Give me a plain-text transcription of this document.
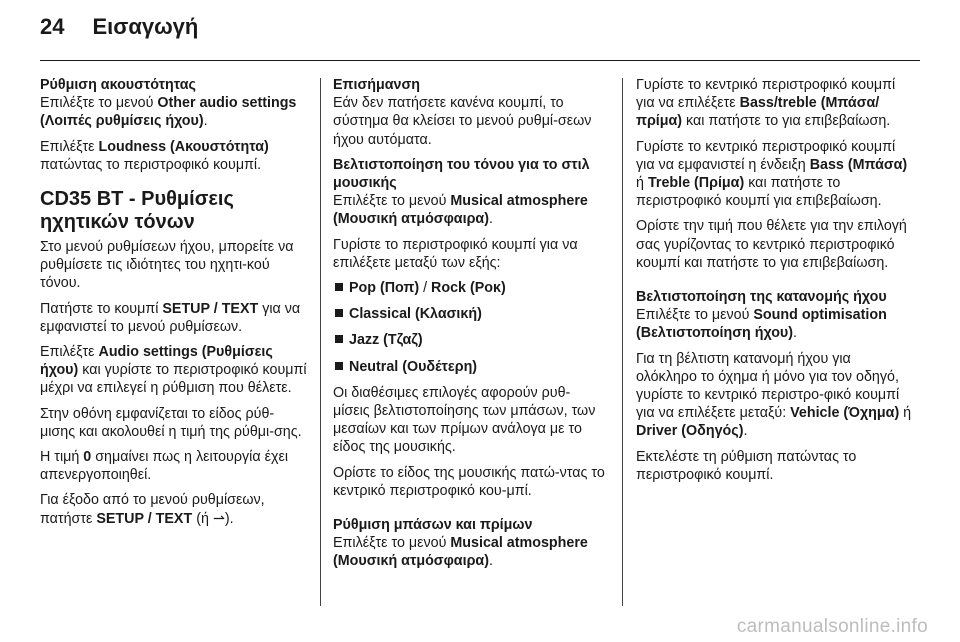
24 Εισαγωγή

Ρύθμιση ακουστότητας

Επιλέξτε το μενού Other audio settings (Λοιπές ρυθμίσεις ήχου).

Επιλέξτε Loudness (Ακουστότητα) πατώντας το περιστροφικό κουμπί.

CD35 BT - Ρυθμίσεις ηχητικών τόνων

Στο μενού ρυθμίσεων ήχου, μπορείτε να ρυθμίσετε τις ιδιότητες του ηχητι-κού τόνου.

Πατήστε το κουμπί SETUP / TEXT για να εμφανιστεί το μενού ρυθμίσεων.

Επιλέξτε Audio settings (Ρυθμίσεις ήχου) και γυρίστε το περιστροφικό κουμπί μέχρι να επιλεγεί η ρύθμιση που θέλετε.

Στην οθόνη εμφανίζεται το είδος ρύθ-μισης και ακολουθεί η τιμή της ρύθμι-σης.

Η τιμή 0 σημαίνει πως η λειτουργία έχει απενεργοποιηθεί.

Για έξοδο από το μενού ρυθμίσεων, πατήστε SETUP / TEXT (ή ⇀).

Επισήμανση

Εάν δεν πατήσετε κανένα κουμπί, το σύστημα θα κλείσει το μενού ρυθμί-σεων ήχου αυτόματα.

Βελτιστοποίηση του τόνου για το στιλ μουσικής

Επιλέξτε το μενού Musical atmosphere (Μουσική ατμόσφαιρα).

Γυρίστε το περιστροφικό κουμπί για να επιλέξετε μεταξύ των εξής:

Pop (Ποπ) / Rock (Ροκ)
Classical (Κλασική)
Jazz (Τζαζ)
Neutral (Ουδέτερη)

Οι διαθέσιμες επιλογές αφορούν ρυθ-μίσεις βελτιστοποίησης των μπάσων, των μεσαίων και των πρίμων ανάλογα με το είδος της μουσικής.

Ορίστε το είδος της μουσικής πατώ-ντας το κεντρικό περιστροφικό κου-μπί.

Ρύθμιση μπάσων και πρίμων

Επιλέξτε το μενού Musical atmosphere (Μουσική ατμόσφαιρα).

Γυρίστε το κεντρικό περιστροφικό κουμπί για να επιλέξετε Bass/treble (Μπάσα/πρίμα) και πατήστε το για επιβεβαίωση.

Γυρίστε το κεντρικό περιστροφικό κουμπί για να εμφανιστεί η ένδειξη Bass (Μπάσα) ή Treble (Πρίμα) και πατήστε το περιστροφικό κουμπί για επιβεβαίωση.

Ορίστε την τιμή που θέλετε για την επιλογή σας γυρίζοντας το κεντρικό περιστροφικό κουμπί και πατήστε το για επιβεβαίωση.

Βελτιστοποίηση της κατανομής ήχου

Επιλέξτε το μενού Sound optimisation (Βελτιστοποίηση ήχου).

Για τη βέλτιστη κατανομή ήχου για ολόκληρο το όχημα ή μόνο για τον οδηγό, γυρίστε το κεντρικό περιστρο-φικό κουμπί για να επιλέξετε μεταξύ: Vehicle (Όχημα) ή Driver (Οδηγός).

Εκτελέστε τη ρύθμιση πατώντας το περιστροφικό κουμπί.

carmanualsonline.info
